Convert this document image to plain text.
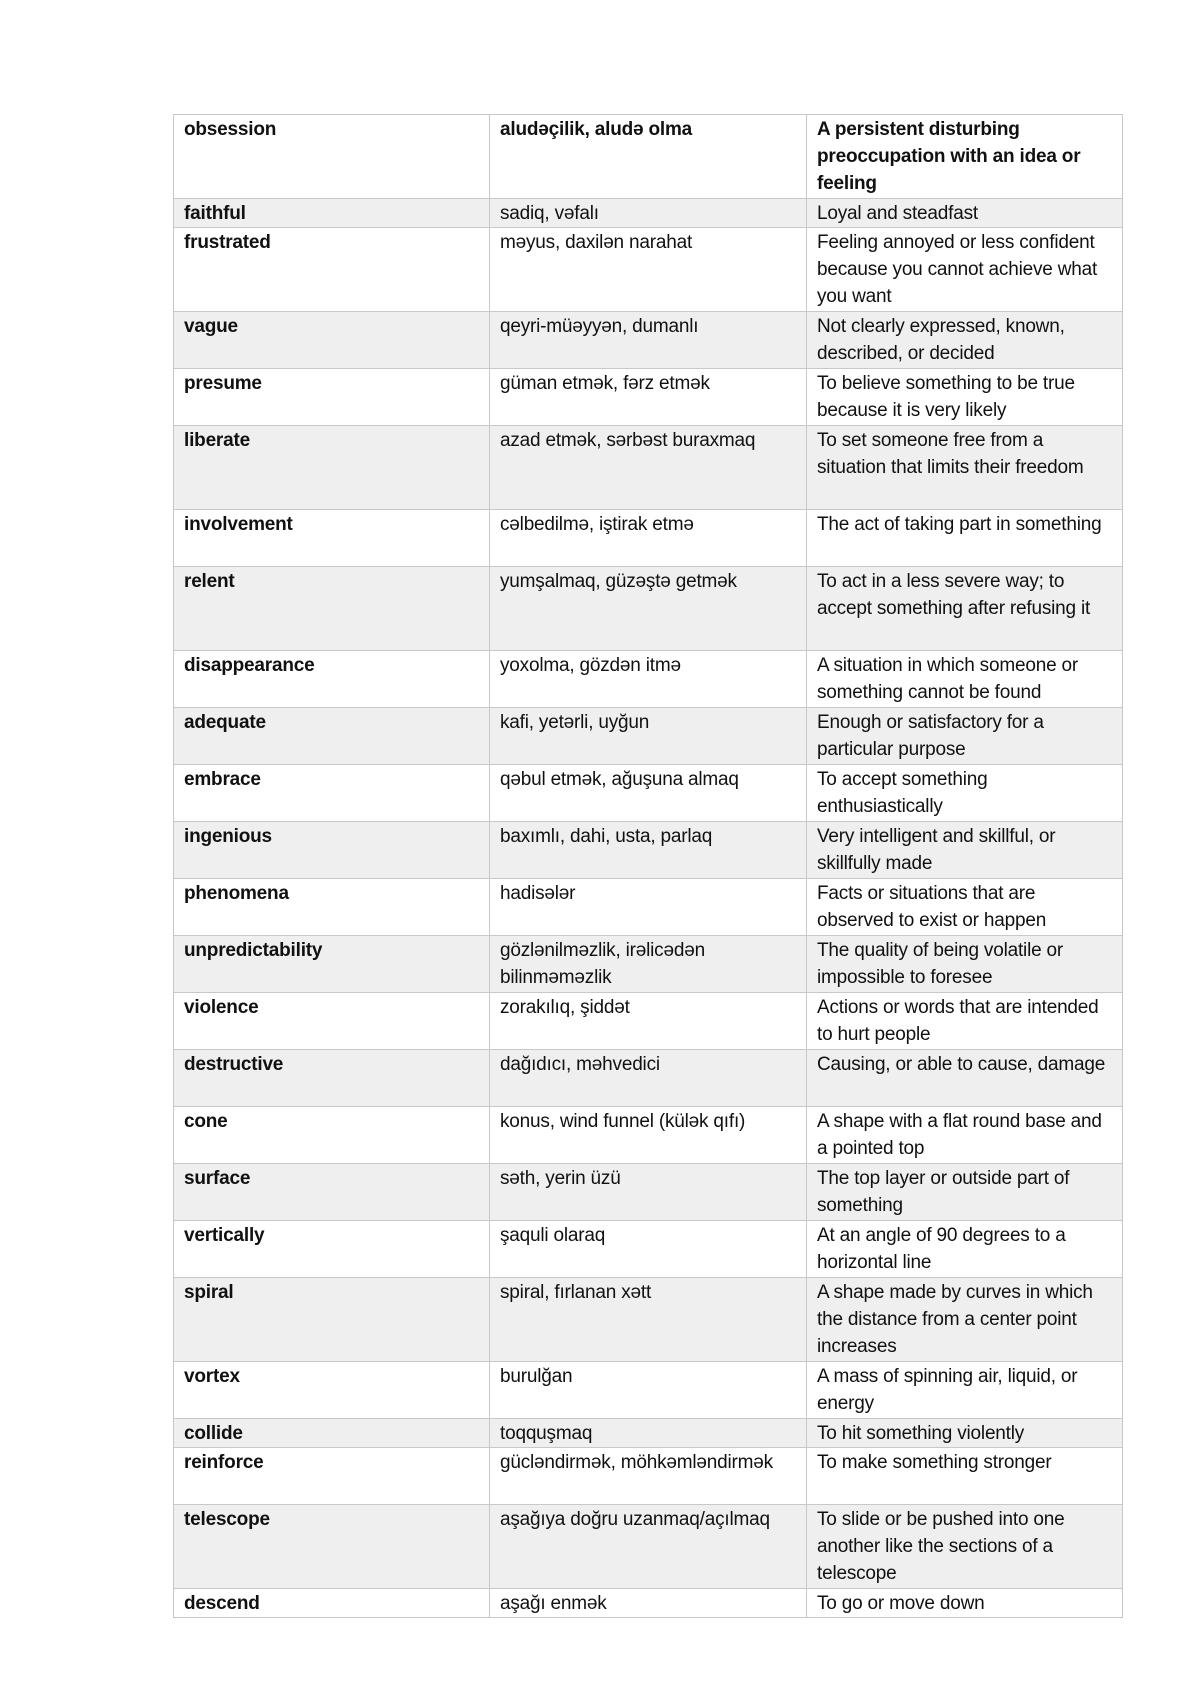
obsession	aludəçilik, aludə olma	A persistent disturbing preoccupation with an idea or feeling
faithful	sadiq, vəfalı	Loyal and steadfast
frustrated	məyus, daxilən narahat	Feeling annoyed or less confident because you cannot achieve what you want
vague	qeyri-müəyyən, dumanlı	Not clearly expressed, known, described, or decided
presume	güman etmək, fərz etmək	To believe something to be true because it is very likely
liberate	azad etmək, sərbəst buraxmaq	To set someone free from a situation that limits their freedom
involvement	cəlbedilmə, iştirak etmə	The act of taking part in something
relent	yumşalmaq, güzəştə getmək	To act in a less severe way; to accept something after refusing it
disappearance	yoxolma, gözdən itmə	A situation in which someone or something cannot be found
adequate	kafi, yetərli, uyğun	Enough or satisfactory for a particular purpose
embrace	qəbul etmək, ağuşuna almaq	To accept something enthusiastically
ingenious	baxımlı, dahi, usta, parlaq	Very intelligent and skillful, or skillfully made
phenomena	hadisələr	Facts or situations that are observed to exist or happen
unpredictability	gözlənilməzlik, irəlicədən bilinməməzlik	The quality of being volatile or impossible to foresee
violence	zorakılıq, şiddət	Actions or words that are intended to hurt people
destructive	dağıdıcı, məhvedici	Causing, or able to cause, damage
cone	konus, wind funnel (külək qıfı)	A shape with a flat round base and a pointed top
surface	səth, yerin üzü	The top layer or outside part of something
vertically	şaquli olaraq	At an angle of 90 degrees to a horizontal line
spiral	spiral, fırlanan xətt	A shape made by curves in which the distance from a center point increases
vortex	burulğan	A mass of spinning air, liquid, or energy
collide	toqquşmaq	To hit something violently
reinforce	gücləndirmək, möhkəmləndirmək	To make something stronger
telescope	aşağıya doğru uzanmaq/açılmaq	To slide or be pushed into one another like the sections of a telescope
descend	aşağı enmək	To go or move down
